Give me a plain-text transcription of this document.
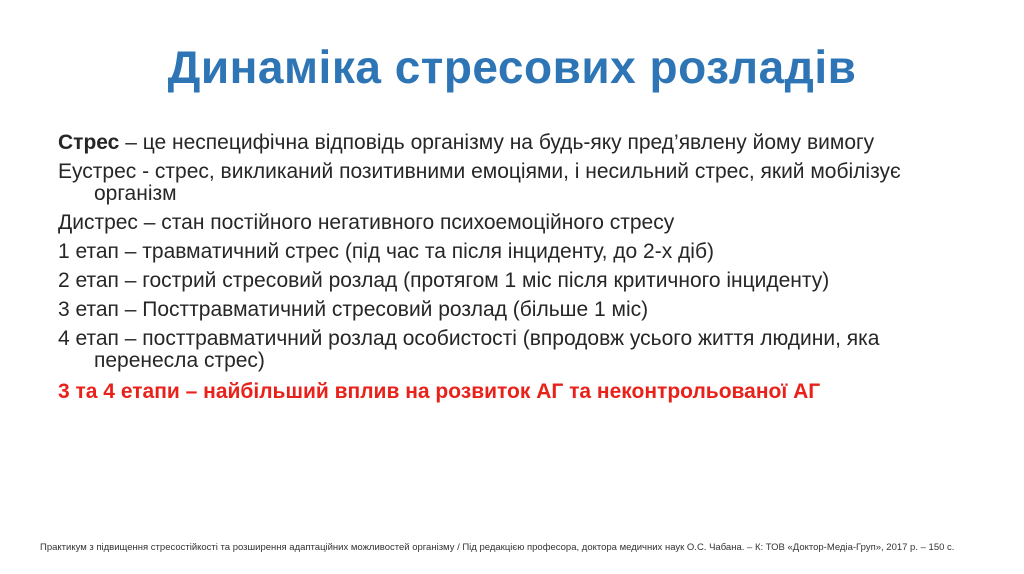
Динаміка стресових розладів
Стрес – це неспецифічна відповідь організму на будь-яку пред’явлену йому вимогу
Еустрес - стрес, викликаний позитивними емоціями, і несильний стрес, який мобілізує організм
Дистрес – стан постійного негативного психоемоційного стресу
1 етап – травматичний стрес (під час та після інциденту, до 2-х діб)
2 етап – гострий стресовий розлад (протягом 1 міс після критичного інциденту)
3 етап – Посттравматичний стресовий розлад (більше 1 міс)
4 етап – посттравматичний розлад особистості (впродовж усього життя людини, яка перенесла стрес)
3 та 4 етапи – найбільший вплив на розвиток АГ та неконтрольованої АГ
Практикум з підвищення стресостійкості та розширення адаптаційних можливостей організму / Під редакцією професора, доктора медичних наук О.С. Чабана. – К: ТОВ «Доктор-Медіа-Груп», 2017 р. – 150 с.
